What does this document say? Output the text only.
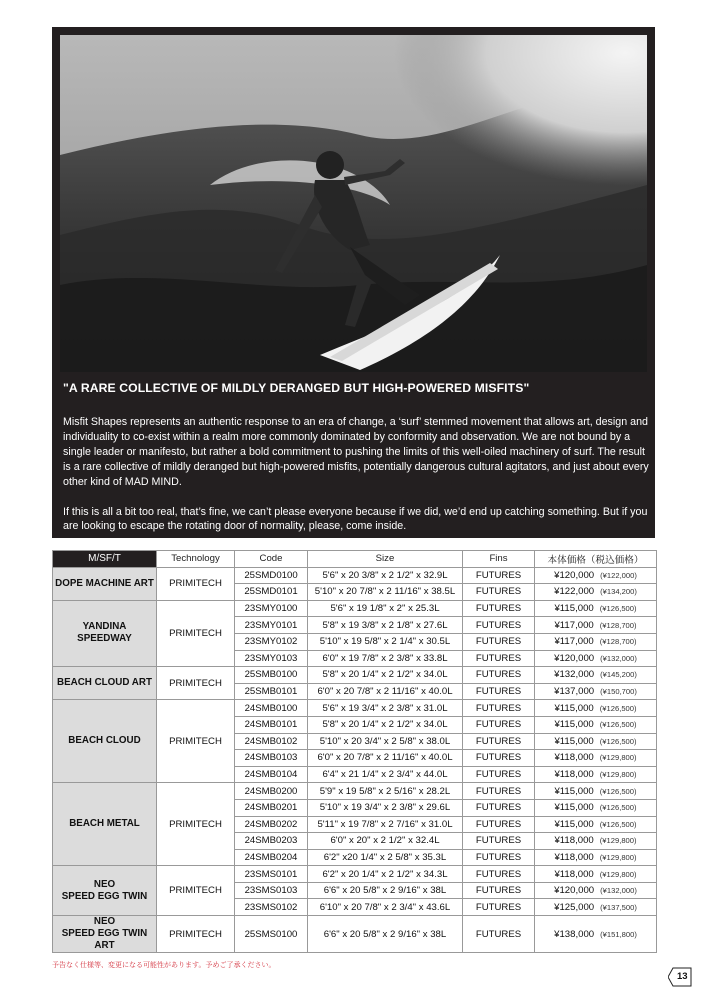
"A RARE COLLECTIVE OF MILDLY DERANGED BUT HIGH-POWERED MISFITS"

Misfit Shapes represents an authentic response to an era of change, a ‘surf’ stemmed movement that allows art, design and individuality to co-exist within a realm more commonly dominated by conformity and observation. We are not bound by a single leader or manifesto, but rather a bold commitment to pushing the limits of this well-oiled machinery of surf. The result is a rare collective of mildly deranged but high-powered misfits, potentially dangerous cultural agitators, and just about every other kind of MAD MIND.

If this is all a bit too real, that’s fine, we can’t please everyone because if we did, we’d end up catching something. But if you are looking to escape the rotating door of normality, please, come inside.

M/SF/T	Technology	Code	Size	Fins	本体価格（税込価格）
DOPE MACHINE ART	PRIMITECH	25SMD0100	5'6" x 20 3/8" x 2 1/2" x 32.9L	FUTURES	¥120,000 (¥122,000)
		25SMD0101	5'10" x 20 7/8" x 2 11/16" x 38.5L	FUTURES	¥122,000 (¥134,200)
YANDINA SPEEDWAY	PRIMITECH	23SMY0100	5'6" x 19 1/8" x 2" x 25.3L	FUTURES	¥115,000 (¥126,500)
		23SMY0101	5'8" x 19 3/8" x 2 1/8" x 27.6L	FUTURES	¥117,000 (¥128,700)
		23SMY0102	5'10" x 19 5/8" x 2 1/4" x 30.5L	FUTURES	¥117,000 (¥128,700)
		23SMY0103	6'0" x 19 7/8" x 2 3/8" x 33.8L	FUTURES	¥120,000 (¥132,000)
BEACH CLOUD ART	PRIMITECH	25SMB0100	5'8" x 20 1/4" x 2 1/2" x 34.0L	FUTURES	¥132,000 (¥145,200)
		25SMB0101	6'0" x 20 7/8" x 2 11/16" x 40.0L	FUTURES	¥137,000 (¥150,700)
BEACH CLOUD	PRIMITECH	24SMB0100	5'6" x 19 3/4" x 2 3/8" x 31.0L	FUTURES	¥115,000 (¥126,500)
		24SMB0101	5'8" x 20 1/4" x 2 1/2" x 34.0L	FUTURES	¥115,000 (¥126,500)
		24SMB0102	5'10" x 20 3/4" x 2 5/8" x 38.0L	FUTURES	¥115,000 (¥126,500)
		24SMB0103	6'0" x 20 7/8" x 2 11/16" x 40.0L	FUTURES	¥118,000 (¥129,800)
		24SMB0104	6'4" x 21 1/4" x 2 3/4" x 44.0L	FUTURES	¥118,000 (¥129,800)
BEACH METAL	PRIMITECH	24SMB0200	5'9" x 19 5/8" x 2 5/16" x 28.2L	FUTURES	¥115,000 (¥126,500)
		24SMB0201	5'10" x 19 3/4" x 2 3/8" x 29.6L	FUTURES	¥115,000 (¥126,500)
		24SMB0202	5'11" x 19 7/8" x 2 7/16" x 31.0L	FUTURES	¥115,000 (¥126,500)
		24SMB0203	6'0" x 20" x 2 1/2" x 32.4L	FUTURES	¥118,000 (¥129,800)
		24SMB0204	6'2" x20 1/4" x 2 5/8" x 35.3L	FUTURES	¥118,000 (¥129,800)
NEO
SPEED EGG TWIN	PRIMITECH	23SMS0101	6'2" x 20 1/4" x 2 1/2" x 34.3L	FUTURES	¥118,000 (¥129,800)
		23SMS0103	6'6" x 20 5/8" x 2 9/16" x 38L	FUTURES	¥120,000 (¥132,000)
		23SMS0102	6'10" x 20 7/8" x 2 3/4" x 43.6L	FUTURES	¥125,000 (¥137,500)
NEO
SPEED EGG TWIN ART	PRIMITECH	25SMS0100	6'6" x 20 5/8" x 2 9/16" x 38L	FUTURES	¥138,000 (¥151,800)
予告なく仕様等、変更になる可能性があります。予めご了承ください。
13
